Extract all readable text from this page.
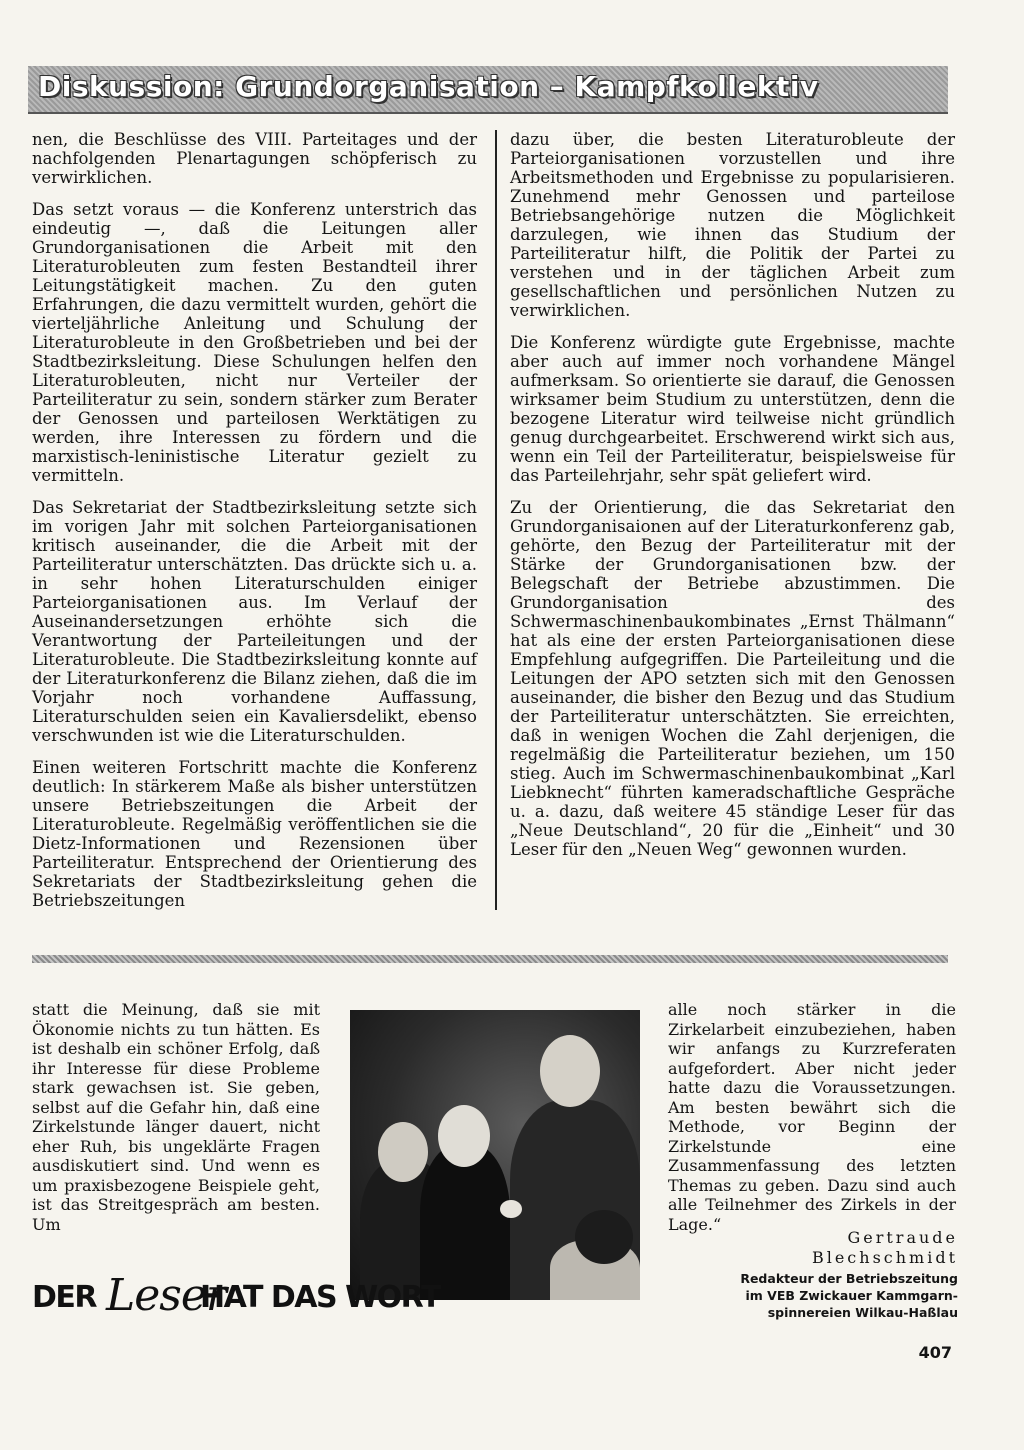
Diskussion: Grundorganisation – Kampfkollektiv

nen, die Beschlüsse des VIII. Parteitages und der nachfolgenden Plenartagungen schöpferisch zu verwirklichen.

Das setzt voraus — die Konferenz unterstrich das eindeutig —, daß die Leitungen aller Grundorganisationen die Arbeit mit den Literaturobleuten zum festen Bestandteil ihrer Leitungstätigkeit machen. Zu den guten Erfahrungen, die dazu vermittelt wurden, gehört die vierteljährliche Anleitung und Schulung der Literaturobleute in den Großbetrieben und bei der Stadtbezirksleitung. Diese Schulungen helfen den Literaturobleuten, nicht nur Verteiler der Parteiliteratur zu sein, sondern stärker zum Berater der Genossen und parteilosen Werktätigen zu werden, ihre Interessen zu fördern und die marxistisch-leninistische Literatur gezielt zu vermitteln.

Das Sekretariat der Stadtbezirksleitung setzte sich im vorigen Jahr mit solchen Parteiorganisationen kritisch auseinander, die die Arbeit mit der Parteiliteratur unterschätzten. Das drückte sich u. a. in sehr hohen Literaturschulden einiger Parteiorganisationen aus. Im Verlauf der Auseinandersetzungen erhöhte sich die Verantwortung der Parteileitungen und der Literaturobleute. Die Stadtbezirksleitung konnte auf der Literaturkonferenz die Bilanz ziehen, daß die im Vorjahr noch vorhandene Auffassung, Literaturschulden seien ein Kavaliersdelikt, ebenso verschwunden ist wie die Literaturschulden.

Einen weiteren Fortschritt machte die Konferenz deutlich: In stärkerem Maße als bisher unterstützen unsere Betriebszeitungen die Arbeit der Literaturobleute. Regelmäßig veröffentlichen sie die Dietz-Informationen und Rezensionen über Parteiliteratur. Entsprechend der Orientierung des Sekretariats der Stadtbezirksleitung gehen die Betriebszeitungen

dazu über, die besten Literaturobleute der Parteiorganisationen vorzustellen und ihre Arbeitsmethoden und Ergebnisse zu popularisieren. Zunehmend mehr Genossen und parteilose Betriebsangehörige nutzen die Möglichkeit darzulegen, wie ihnen das Studium der Parteiliteratur hilft, die Politik der Partei zu verstehen und in der täglichen Arbeit zum gesellschaftlichen und persönlichen Nutzen zu verwirklichen.

Die Konferenz würdigte gute Ergebnisse, machte aber auch auf immer noch vorhandene Mängel aufmerksam. So orientierte sie darauf, die Genossen wirksamer beim Studium zu unterstützen, denn die bezogene Literatur wird teilweise nicht gründlich genug durchgearbeitet. Erschwerend wirkt sich aus, wenn ein Teil der Parteiliteratur, beispielsweise für das Parteilehrjahr, sehr spät geliefert wird.

Zu der Orientierung, die das Sekretariat den Grundorganisaionen auf der Literaturkonferenz gab, gehörte, den Bezug der Parteiliteratur mit der Stärke der Grundorganisationen bzw. der Belegschaft der Betriebe abzustimmen. Die Grundorganisation des Schwermaschinenbaukombinates „Ernst Thälmann“ hat als eine der ersten Parteiorganisationen diese Empfehlung aufgegriffen. Die Parteileitung und die Leitungen der APO setzten sich mit den Genossen auseinander, die bisher den Bezug und das Studium der Parteiliteratur unterschätzten. Sie erreichten, daß in wenigen Wochen die Zahl derjenigen, die regelmäßig die Parteiliteratur beziehen, um 150 stieg. Auch im Schwermaschinenbaukombinat „Karl Liebknecht“ führten kameradschaftliche Gespräche u. a. dazu, daß weitere 45 ständige Leser für das „Neue Deutschland“, 20 für die „Einheit“ und 30 Leser für den „Neuen Weg“ gewonnen wurden.

statt die Meinung, daß sie mit Ökonomie nichts zu tun hätten. Es ist deshalb ein schöner Erfolg, daß ihr Interesse für diese Probleme stark gewachsen ist. Sie geben, selbst auf die Gefahr hin, daß eine Zirkelstunde länger dauert, nicht eher Ruh, bis ungeklärte Fragen ausdiskutiert sind. Und wenn es um praxisbezogene Beispiele geht, ist das Streitgespräch am besten. Um
alle noch stärker in die Zirkelarbeit einzubeziehen, haben wir anfangs zu Kurzreferaten aufgefordert. Aber nicht jeder hatte dazu die Voraussetzungen. Am besten bewährt sich die Methode, vor Beginn der Zirkelstunde eine Zusammenfassung des letzten Themas zu geben. Dazu sind auch alle Teilnehmer des Zirkels in der Lage.“
DER Leser
HAT DAS WORT
Gertraude
Blechschmidt
Redakteur der Betriebszeitung
im VEB Zwickauer Kammgarn-
spinnereien Wilkau-Haßlau
407
